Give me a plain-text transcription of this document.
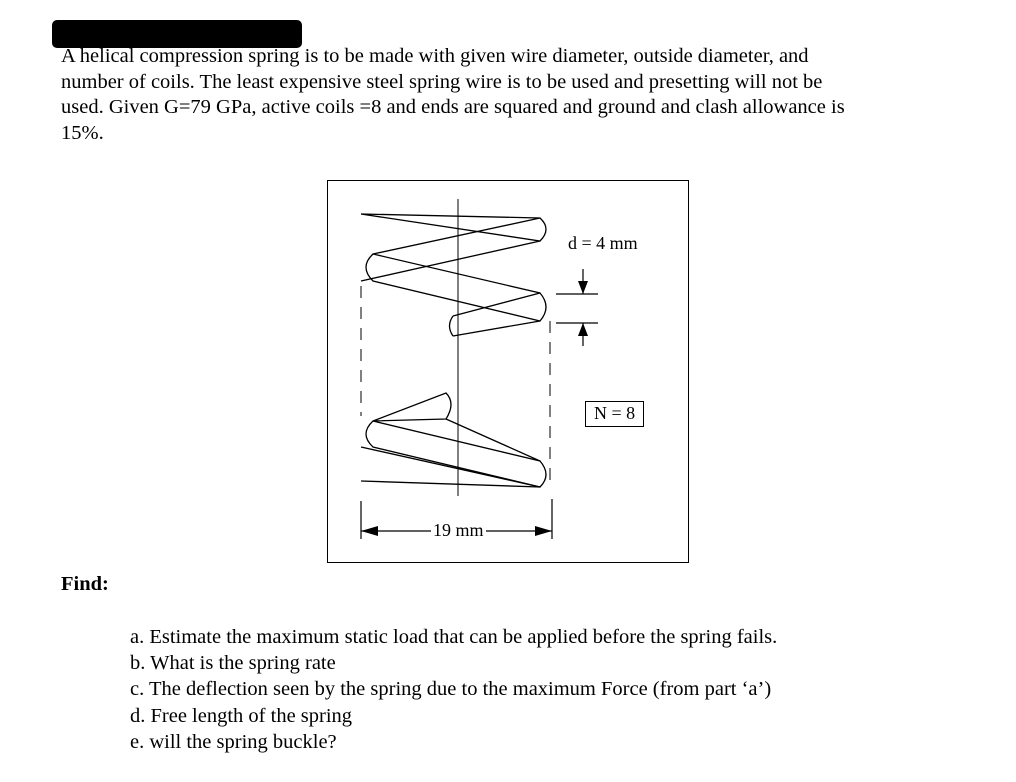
A helical compression spring is to be made with given wire diameter, outside diameter, and
number of coils. The least expensive steel spring wire is to be used and presetting will not be
used. Given G=79 GPa, active coils =8 and ends are squared and ground and clash allowance is
15%.
d = 4 mm
N = 8
19 mm
Find:
a. Estimate the maximum static load that can be applied before the spring fails.
b. What is the spring rate
c. The deflection seen by the spring due to the maximum Force (from part ‘a’)
d. Free length of the spring
e. will the spring buckle?
